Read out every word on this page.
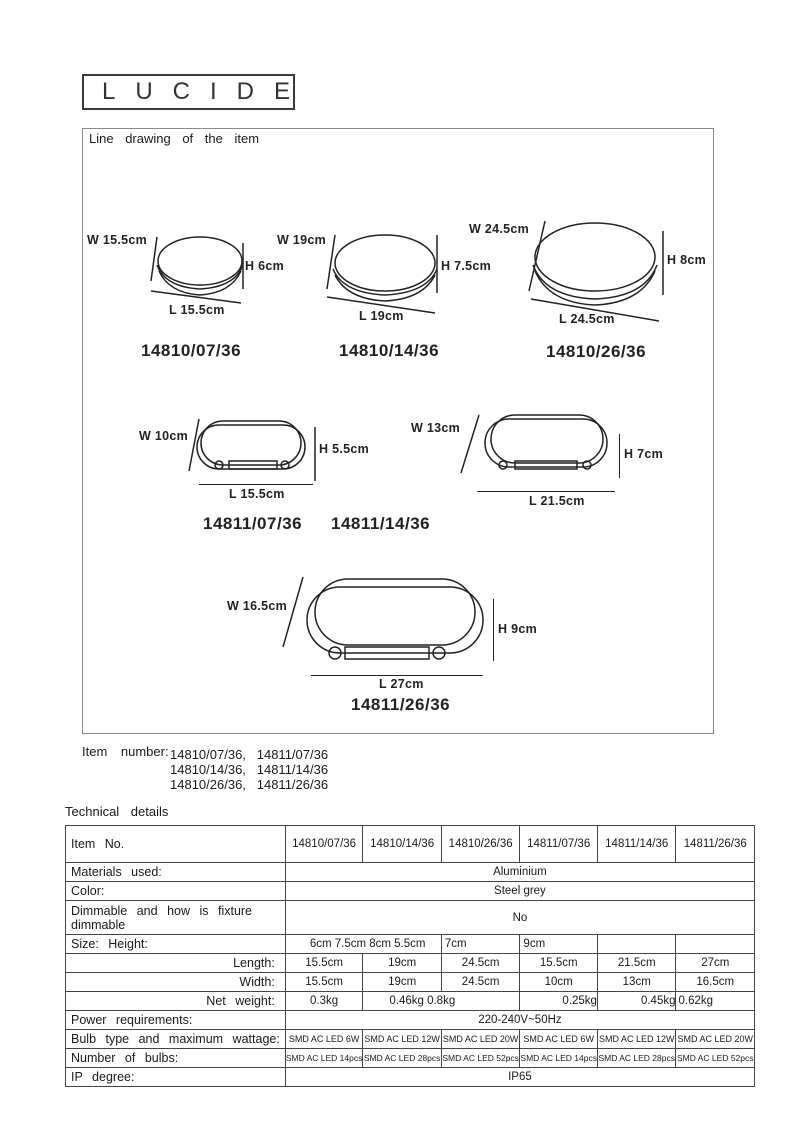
LUCIDE
Line drawing of the item
W 15.5cm
H 6cm
L 15.5cm
14810/07/36
W 19cm
H 7.5cm
L 19cm
14810/14/36
W 24.5cm
H 8cm
L 24.5cm
14810/26/36
W 10cm
H 5.5cm
L 15.5cm
14811/07/36 14811/14/36
W 13cm
H 7cm
L 21.5cm
W 16.5cm
H 9cm
L 27cm
14811/26/36
Item number: 14810/07/36,   14811/07/36
14810/14/36,   14811/14/36
14810/26/36,   14811/26/36
Technical details
Item No.	14810/07/36	14810/14/36	14810/26/36	14811/07/36	14811/14/36	14811/26/36
Materials used:	Aluminium					
Color:	Steel grey					
Dimmable and how is fixture dimmable	No					
Size: Height:	6cm 7.5cm 8cm 5.5cm		7cm	9cm		
Length:	15.5cm	19cm	24.5cm	15.5cm	21.5cm	27cm
Width:	15.5cm	19cm	24.5cm	10cm	13cm	16.5cm
Net weight:	0.3kg	0.46kg 0.8kg		0.25kg	0.45kg	0.62kg
Power requirements:	220-240V~50Hz					
Bulb type and maximum wattage:	SMD AC LED 6W	SMD AC LED 12W	SMD AC LED 20W	SMD AC LED 6W	SMD AC LED 12W	SMD AC LED 20W
Number of bulbs:	SMD AC LED 14pcs	SMD AC LED 28pcs	SMD AC LED 52pcs	SMD AC LED 14pcs	SMD AC LED 28pcs	SMD AC LED 52pcs
IP degree:	IP65					
